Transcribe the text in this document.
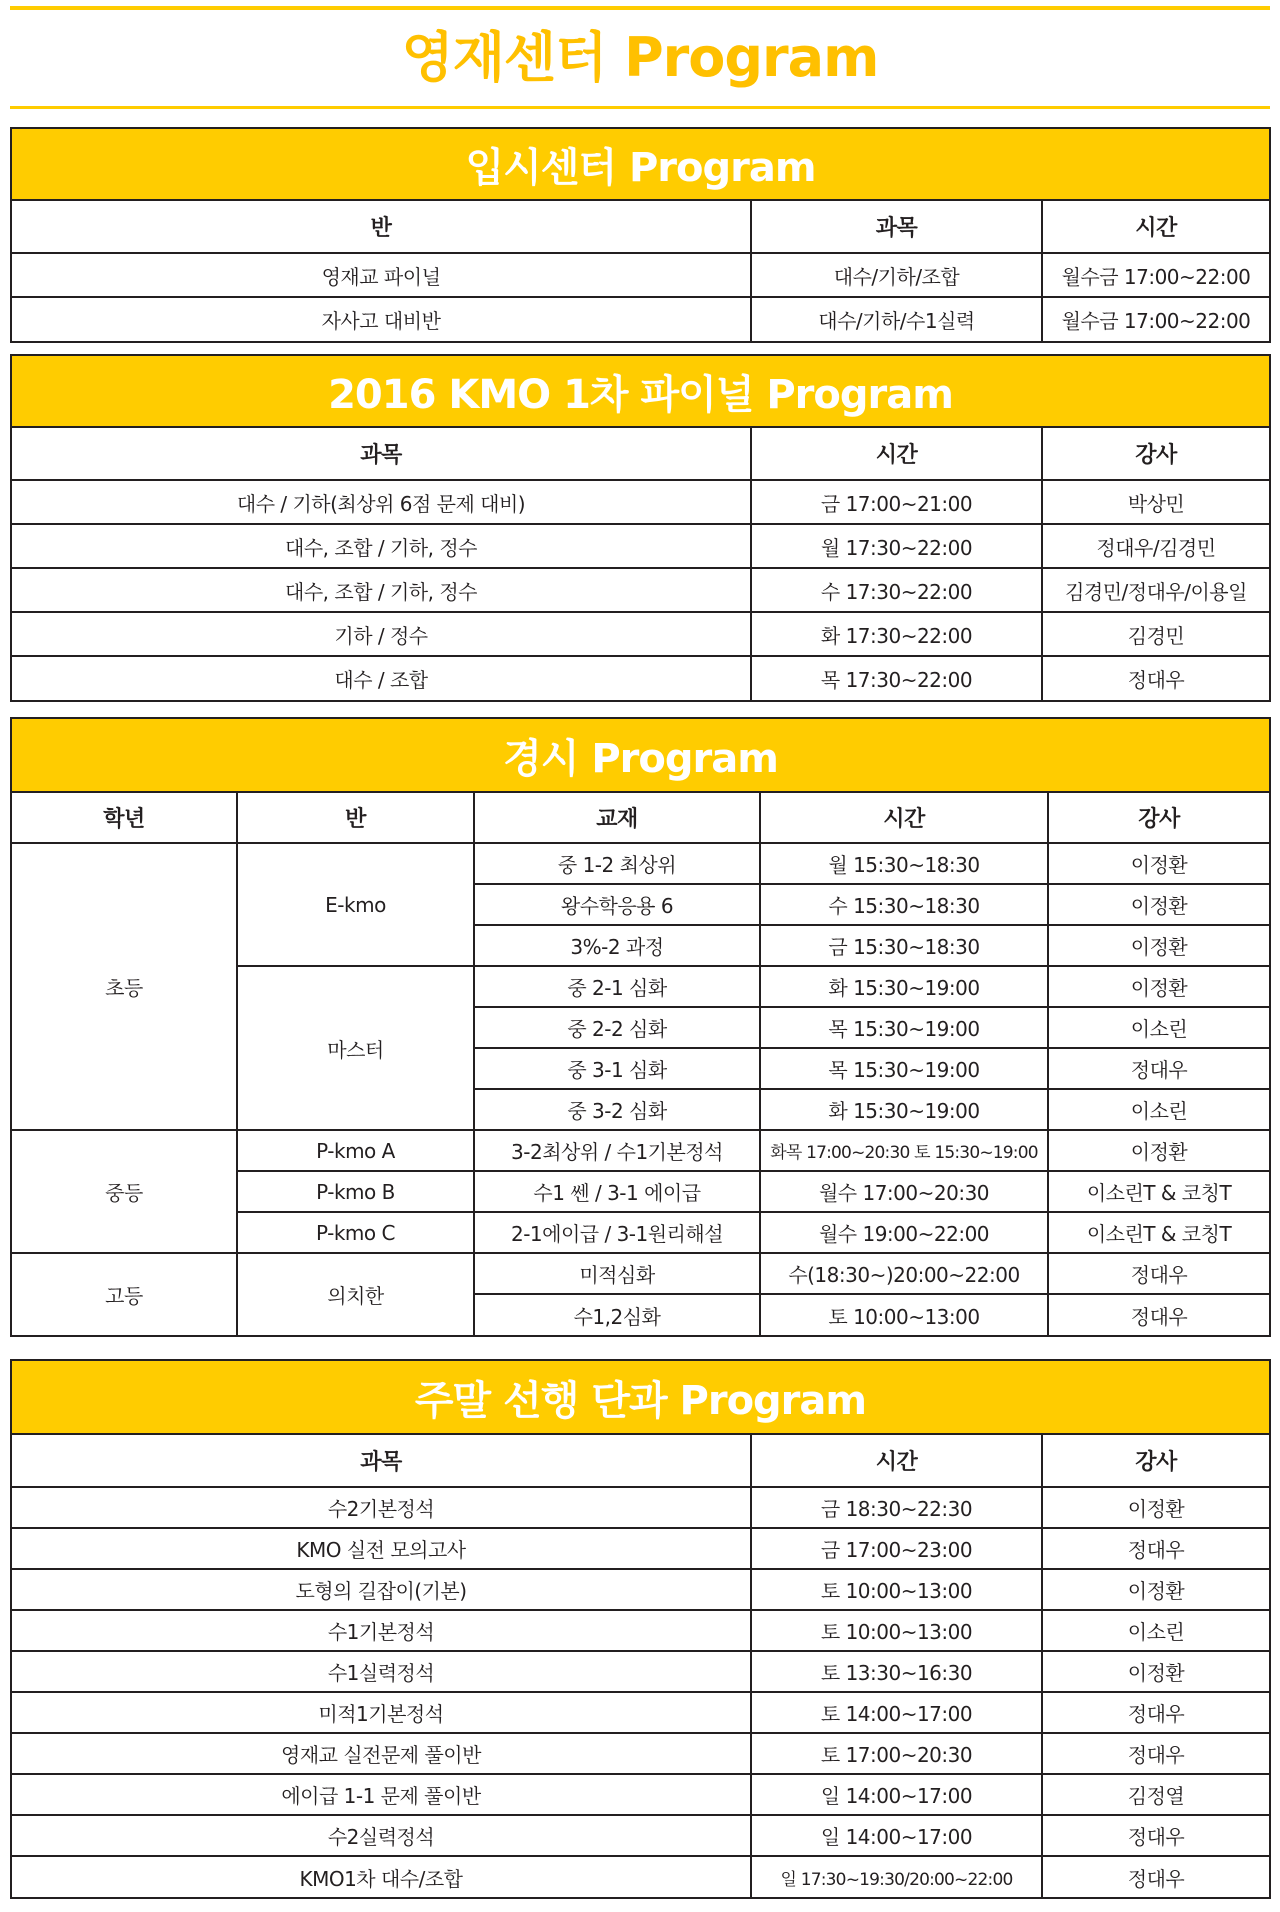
영재센터 Program
입시센터 Program
반	과목	시간
영재교 파이널	대수/기하/조합	월수금 17:00~22:00
자사고 대비반	대수/기하/수1실력	월수금 17:00~22:00
2016 KMO 1차 파이널 Program
과목	시간	강사
대수 / 기하(최상위 6점 문제 대비)	금 17:00~21:00	박상민
대수, 조합 / 기하, 정수	월 17:30~22:00	정대우/김경민
대수, 조합 / 기하, 정수	수 17:30~22:00	김경민/정대우/이용일
기하 / 정수	화 17:30~22:00	김경민
대수 / 조합	목 17:30~22:00	정대우
경시 Program
학년	반	교재	시간	강사
초등	E-kmo	중 1-2 최상위	월 15:30~18:30	이정환
		왕수학응용 6	수 15:30~18:30	이정환
		3%-2 과정	금 15:30~18:30	이정환
	마스터	중 2-1 심화	화 15:30~19:00	이정환
		중 2-2 심화	목 15:30~19:00	이소린
		중 3-1 심화	목 15:30~19:00	정대우
		중 3-2 심화	화 15:30~19:00	이소린
중등	P-kmo A	3-2최상위 / 수1기본정석	화목 17:00~20:30 토 15:30~19:00	이정환
	P-kmo B	수1 쎈 / 3-1 에이급	월수 17:00~20:30	이소린T & 코칭T
	P-kmo C	2-1에이급 / 3-1원리해설	월수 19:00~22:00	이소린T & 코칭T
고등	의치한	미적심화	수(18:30~)20:00~22:00	정대우
		수1,2심화	토 10:00~13:00	정대우
주말 선행 단과 Program
과목	시간	강사
수2기본정석	금 18:30~22:30	이정환
KMO 실전 모의고사	금 17:00~23:00	정대우
도형의 길잡이(기본)	토 10:00~13:00	이정환
수1기본정석	토 10:00~13:00	이소린
수1실력정석	토 13:30~16:30	이정환
미적1기본정석	토 14:00~17:00	정대우
영재교 실전문제 풀이반	토 17:00~20:30	정대우
에이급 1-1 문제 풀이반	일 14:00~17:00	김정열
수2실력정석	일 14:00~17:00	정대우
KMO1차 대수/조합	일 17:30~19:30/20:00~22:00	정대우
